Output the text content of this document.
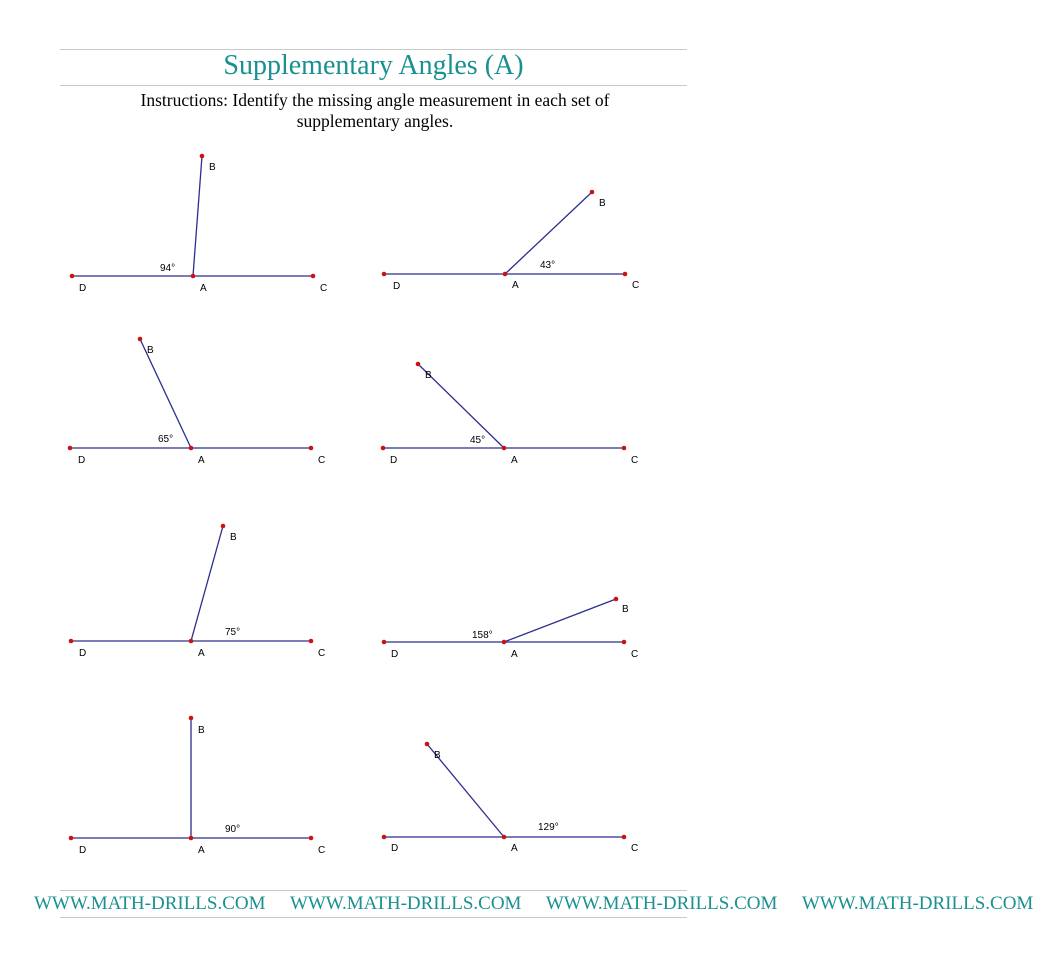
Supplementary Angles (A)
Instructions: Identify the missing angle measurement in each set of supplementary angles.
D	A	C
B
94°
D	A	C
B
43°
D	A	C
B
65°
D	A	C
B
45°
D	A	C
B
75°
D	A	C
B
158°
D	A	C
B
90°
D	A	C
B
129°
WWW.MATH-DRILLS.COM WWW.MATH-DRILLS.COM WWW.MATH-DRILLS.COM WWW.MATH-DRILLS.COM
